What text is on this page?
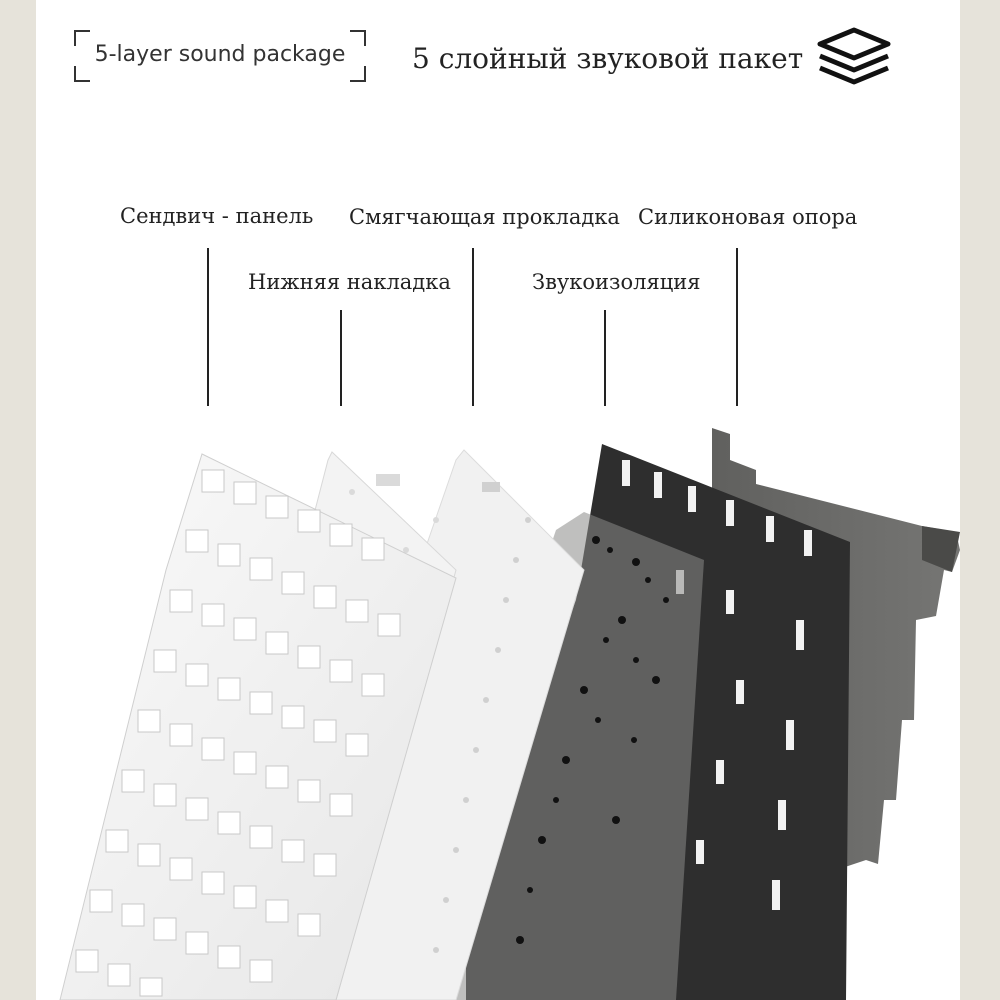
5-layer sound package	5 слойный звуковой пакет
Сендвич - панель
Нижняя накладка
Смягчающая прокладка
Звукоизоляция
Силиконовая опора
